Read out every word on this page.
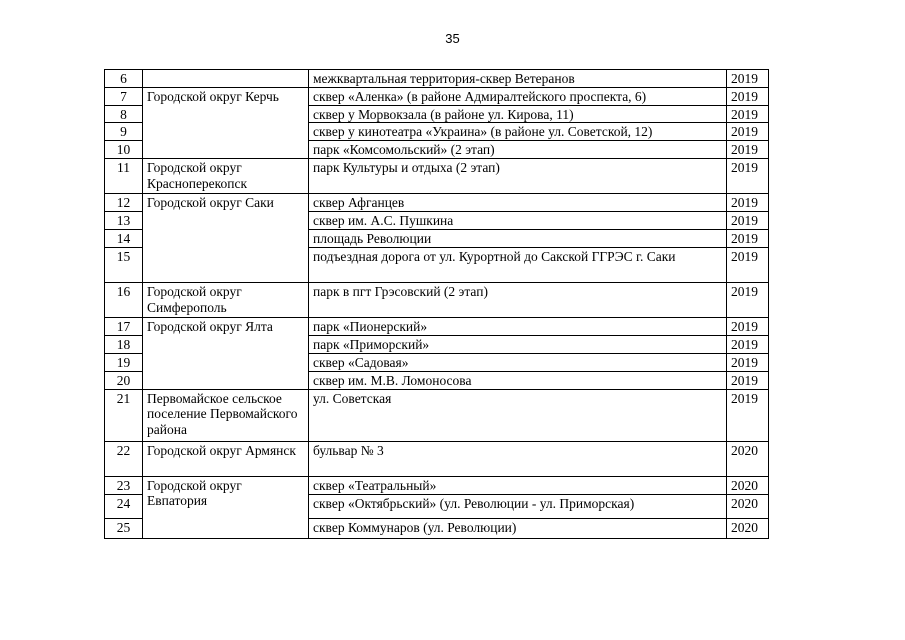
35
6		межквартальная территория-сквер Ветеранов	2019
7	Городской округ Керчь	сквер «Аленка» (в районе Адмиралтейского проспекта, 6)	2019
8		сквер у Морвокзала (в районе ул. Кирова, 11)	2019
9		сквер у кинотеатра «Украина» (в районе ул. Советской, 12)	2019
10		парк «Комсомольский» (2 этап)	2019
11	Городской округ Красноперекопск	парк Культуры и отдыха (2 этап)	2019
12	Городской округ Саки	сквер Афганцев	2019
13		сквер им. А.С. Пушкина	2019
14		площадь Революции	2019
15		подъездная дорога от ул. Курортной до Сакской ГГРЭС г. Саки	2019
16	Городской округ Симферополь	парк в пгт Грэсовский (2 этап)	2019
17	Городской округ Ялта	парк «Пионерский»	2019
18		парк «Приморский»	2019
19		сквер «Садовая»	2019
20		сквер им. М.В. Ломоносова	2019
21	Первомайское сельское поселение Первомайского района	ул. Советская	2019
22	Городской округ Армянск	бульвар № 3	2020
23	Городской округ Евпатория	сквер «Театральный»	2020
24		сквер «Октябрьский» (ул. Революции - ул. Приморская)	2020
25		сквер Коммунаров (ул. Революции)	2020
